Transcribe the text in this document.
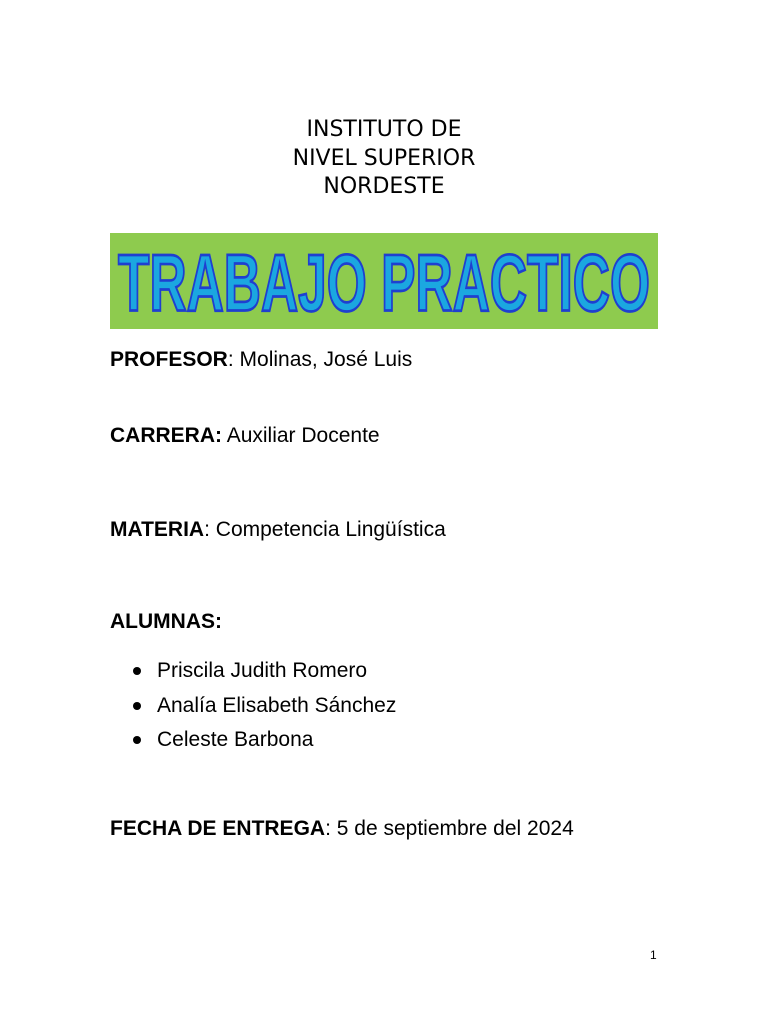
INSTITUTO DE
NIVEL SUPERIOR
NORDESTE
TRABAJO PRACTICO
PROFESOR: Molinas, José Luis
CARRERA: Auxiliar Docente
MATERIA: Competencia Lingüística
ALUMNAS:
Priscila Judith Romero
Analía Elisabeth Sánchez
Celeste Barbona
FECHA DE ENTREGA: 5 de septiembre del 2024
1
